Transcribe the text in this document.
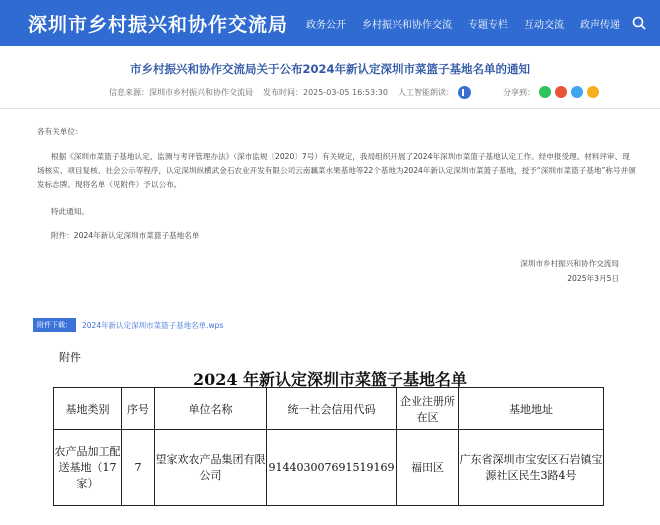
深圳市乡村振兴和协作交流局 政务公开 乡村振兴和协作交流 专题专栏 互动交流 政声传递
市乡村振兴和协作交流局关于公布2024年新认定深圳市菜篮子基地名单的通知
信息来源：深圳市乡村振兴和协作交流局 发布时间：2025-03-05 16:53:30 人工智能朗读：	分享到：
各有关单位：
根据《深圳市菜篮子基地认定、监测与考评管理办法》（深市监规〔2020〕7号）有关规定，我局组织开展了2024年深圳市菜篮子基地认定工作。经申报受理、材料评审、现场核实、项目复核、社会公示等程序，认定深圳纵横武金石农业开发有限公司云南藕菜水果基地等22个基地为2024年新认定深圳市菜篮子基地，授予“深圳市菜篮子基地”称号并颁发标志牌。现将名单（见附件）予以公布。
特此通知。
附件：2024年新认定深圳市菜篮子基地名单
深圳市乡村振兴和协作交流局
2025年3月5日
附件下载：	2024年新认定深圳市菜篮子基地名单.wps
附件
2024 年新认定深圳市菜篮子基地名单
基地类别	序号	单位名称	统一社会信用代码	企业注册所在区	基地地址
农产品加工配送基地（17家）	7	望家欢农产品集团有限公司	914403007691519169	福田区	广东省深圳市宝安区石岩镇宝源社区民生3路4号
